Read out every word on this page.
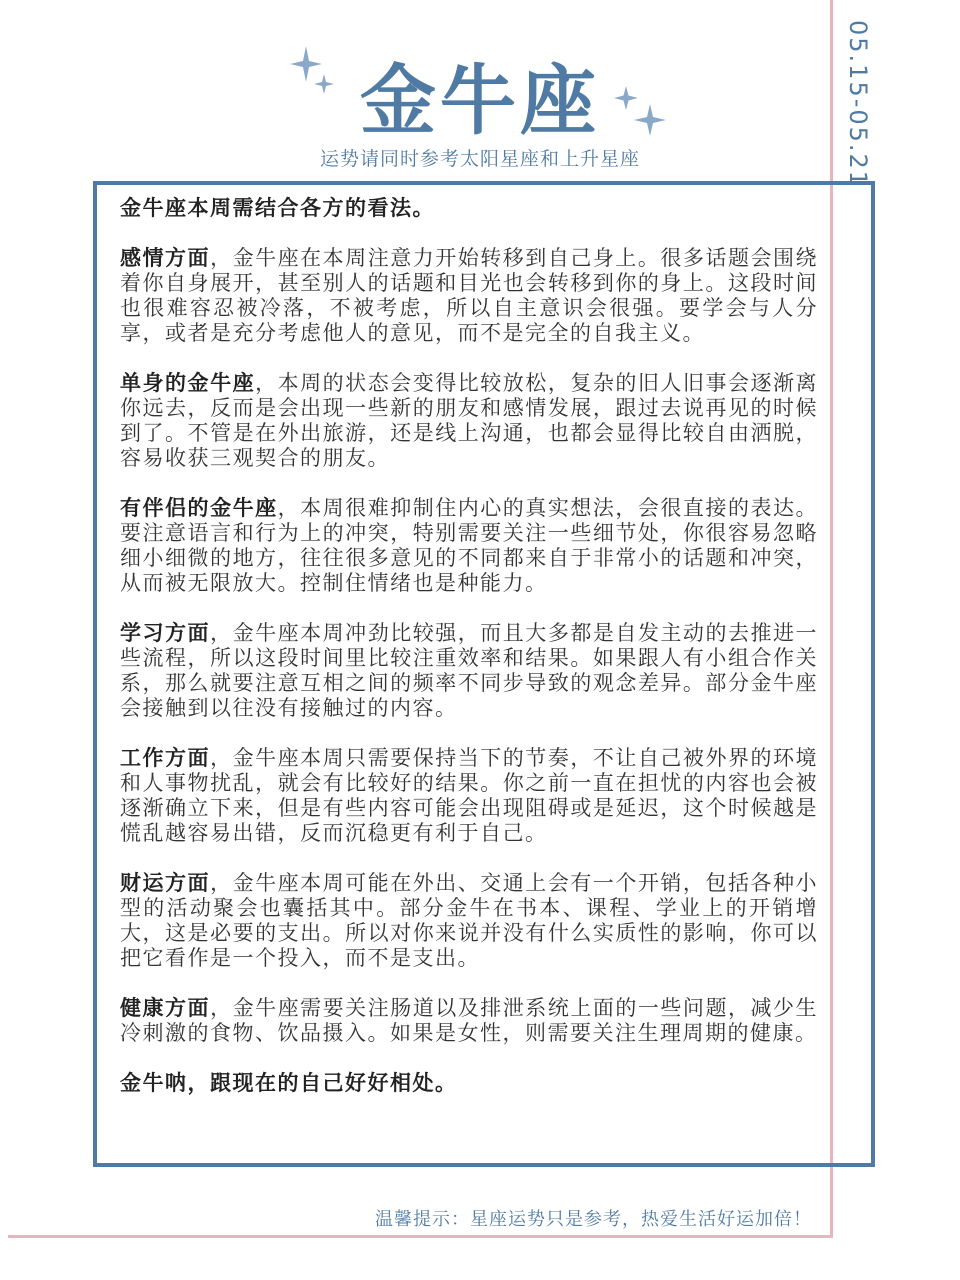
05.15-05.21
金牛座
运势请同时参考太阳星座和上升星座

金牛座本周需结合各方的看法。

感情方面，金牛座在本周注意力开始转移到自己身上。很多话题会围绕着你自身展开，甚至别人的话题和目光也会转移到你的身上。这段时间也很难容忍被冷落，不被考虑，所以自主意识会很强。要学会与人分享，或者是充分考虑他人的意见，而不是完全的自我主义。

单身的金牛座，本周的状态会变得比较放松，复杂的旧人旧事会逐渐离你远去，反而是会出现一些新的朋友和感情发展，跟过去说再见的时候到了。不管是在外出旅游，还是线上沟通，也都会显得比较自由洒脱，容易收获三观契合的朋友。

有伴侣的金牛座，本周很难抑制住内心的真实想法，会很直接的表达。要注意语言和行为上的冲突，特别需要关注一些细节处，你很容易忽略细小细微的地方，往往很多意见的不同都来自于非常小的话题和冲突，从而被无限放大。控制住情绪也是种能力。

学习方面，金牛座本周冲劲比较强，而且大多都是自发主动的去推进一些流程，所以这段时间里比较注重效率和结果。如果跟人有小组合作关系，那么就要注意互相之间的频率不同步导致的观念差异。部分金牛座会接触到以往没有接触过的内容。

工作方面，金牛座本周只需要保持当下的节奏，不让自己被外界的环境和人事物扰乱，就会有比较好的结果。你之前一直在担忧的内容也会被逐渐确立下来，但是有些内容可能会出现阻碍或是延迟，这个时候越是慌乱越容易出错，反而沉稳更有利于自己。

财运方面，金牛座本周可能在外出、交通上会有一个开销，包括各种小型的活动聚会也囊括其中。部分金牛在书本、课程、学业上的开销增大，这是必要的支出。所以对你来说并没有什么实质性的影响，你可以把它看作是一个投入，而不是支出。

健康方面，金牛座需要关注肠道以及排泄系统上面的一些问题，减少生冷刺激的食物、饮品摄入。如果是女性，则需要关注生理周期的健康。

金牛呐，跟现在的自己好好相处。

温馨提示：星座运势只是参考，热爱生活好运加倍！
